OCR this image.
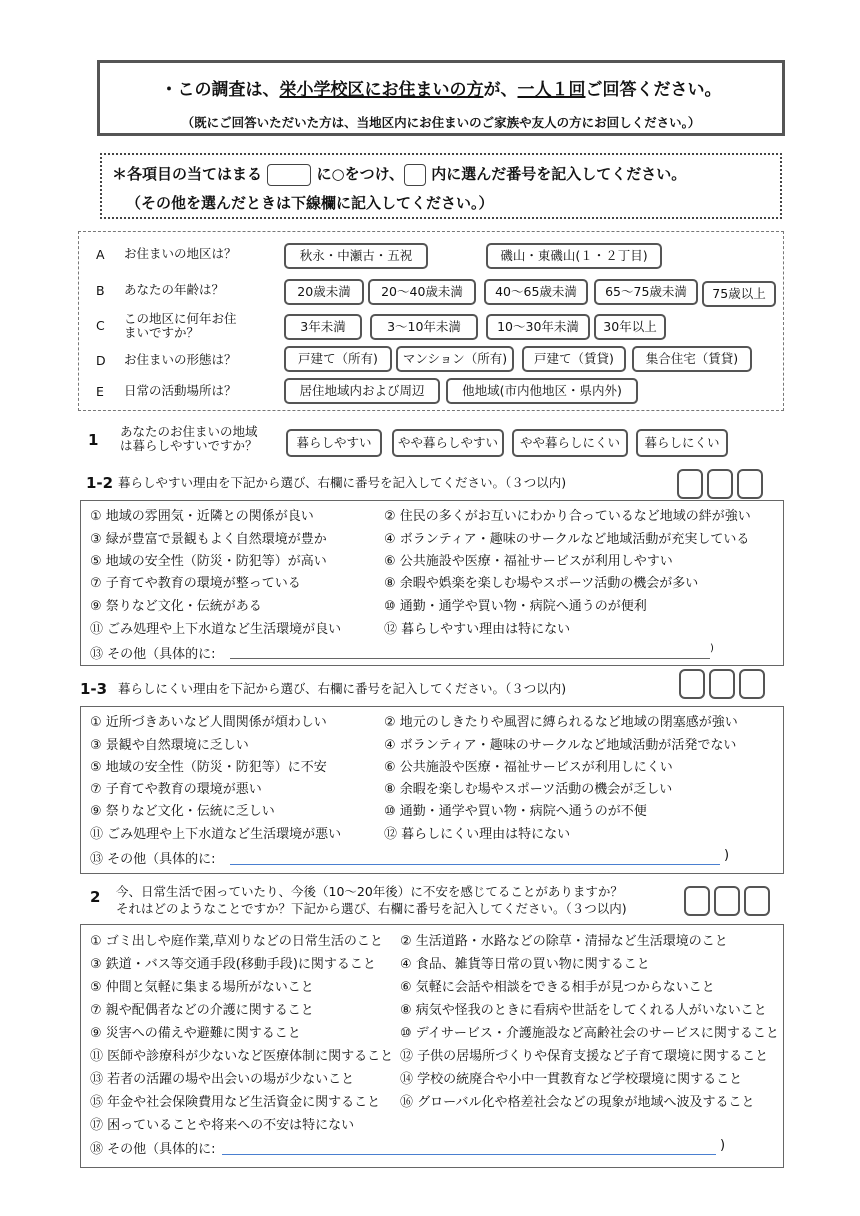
・この調査は、栄小学校区にお住まいの方が、一人１回ご回答ください。
（既にご回答いただいた方は、当地区内にお住まいのご家族や友人の方にお回しください。）
＊各項目の当てはまる	に○をつけ、 内に選んだ番号を記入してください。
（その他を選んだときは下線欄に記入してください。）
A お住まいの地区は？	秋永・中瀬古・五祝	磯山・東磯山(１・２丁目)
B あなたの年齢は？	20歳未満	20～40歳未満	40～65歳未満	65～75歳未満	75歳以上
C この地区に何年お住
まいですか？	3年未満	3～10年未満	10～30年未満	30年以上
D お住まいの形態は？	戸建て（所有)	マンション（所有)	戸建て（賃貸)	集合住宅（賃貸)
E 日常の活動場所は？	居住地域内および周辺	他地域(市内他地区・県内外)
1 あなたのお住まいの地域
は暮らしやすいですか？	暮らしやすい	やや暮らしやすい	やや暮らしにくい	暮らしにくい
1-2 暮らしやすい理由を下記から選び、右欄に番号を記入してください。（３つ以内)
① 地域の雰囲気・近隣との関係が良い	② 住民の多くがお互いにわかり合っているなど地域の絆が強い
③ 緑が豊富で景観もよく自然環境が豊か	④ ボランティア・趣味のサークルなど地域活動が充実している
⑤ 地域の安全性（防災・防犯等）が高い	⑥ 公共施設や医療・福祉サービスが利用しやすい
⑦ 子育てや教育の環境が整っている	⑧ 余暇や娯楽を楽しむ場やスポーツ活動の機会が多い
⑨ 祭りなど文化・伝統がある	⑩ 通勤・通学や買い物・病院へ通うのが便利
⑪ ごみ処理や上下水道など生活環境が良い	⑫ 暮らしやすい理由は特にない
⑬ その他（具体的に:	)
1-3 暮らしにくい理由を下記から選び、右欄に番号を記入してください。（３つ以内)
① 近所づきあいなど人間関係が煩わしい	② 地元のしきたりや風習に縛られるなど地域の閉塞感が強い
③ 景観や自然環境に乏しい	④ ボランティア・趣味のサークルなど地域活動が活発でない
⑤ 地域の安全性（防災・防犯等）に不安	⑥ 公共施設や医療・福祉サービスが利用しにくい
⑦ 子育てや教育の環境が悪い	⑧ 余暇を楽しむ場やスポーツ活動の機会が乏しい
⑨ 祭りなど文化・伝統に乏しい	⑩ 通勤・通学や買い物・病院へ通うのが不便
⑪ ごみ処理や上下水道など生活環境が悪い	⑫ 暮らしにくい理由は特にない
⑬ その他（具体的に:	)
2 今、日常生活で困っていたり、今後（10～20年後）に不安を感じてることがありますか？
それはどのようなことですか？下記から選び、右欄に番号を記入してください。（３つ以内)
① ゴミ出しや庭作業,草刈りなどの日常生活のこと ② 生活道路・水路などの除草・清掃など生活環境のこと
③ 鉄道・バス等交通手段(移動手段)に関すること ④ 食品、雑貨等日常の買い物に関すること
⑤ 仲間と気軽に集まる場所がないこと	⑥ 気軽に会話や相談をできる相手が見つからないこと
⑦ 親や配偶者などの介護に関すること	⑧ 病気や怪我のときに看病や世話をしてくれる人がいないこと
⑨ 災害への備えや避難に関すること	⑩ デイサービス・介護施設など高齢社会のサービスに関すること
⑪ 医師や診療科が少ないなど医療体制に関すること ⑫ 子供の居場所づくりや保育支援など子育て環境に関すること
⑬ 若者の活躍の場や出会いの場が少ないこと	⑭ 学校の統廃合や小中一貫教育など学校環境に関すること
⑮ 年金や社会保険費用など生活資金に関すること ⑯ グローバル化や格差社会などの現象が地域へ波及すること
⑰ 困っていることや将来への不安は特にない
⑱ その他（具体的に:	)
